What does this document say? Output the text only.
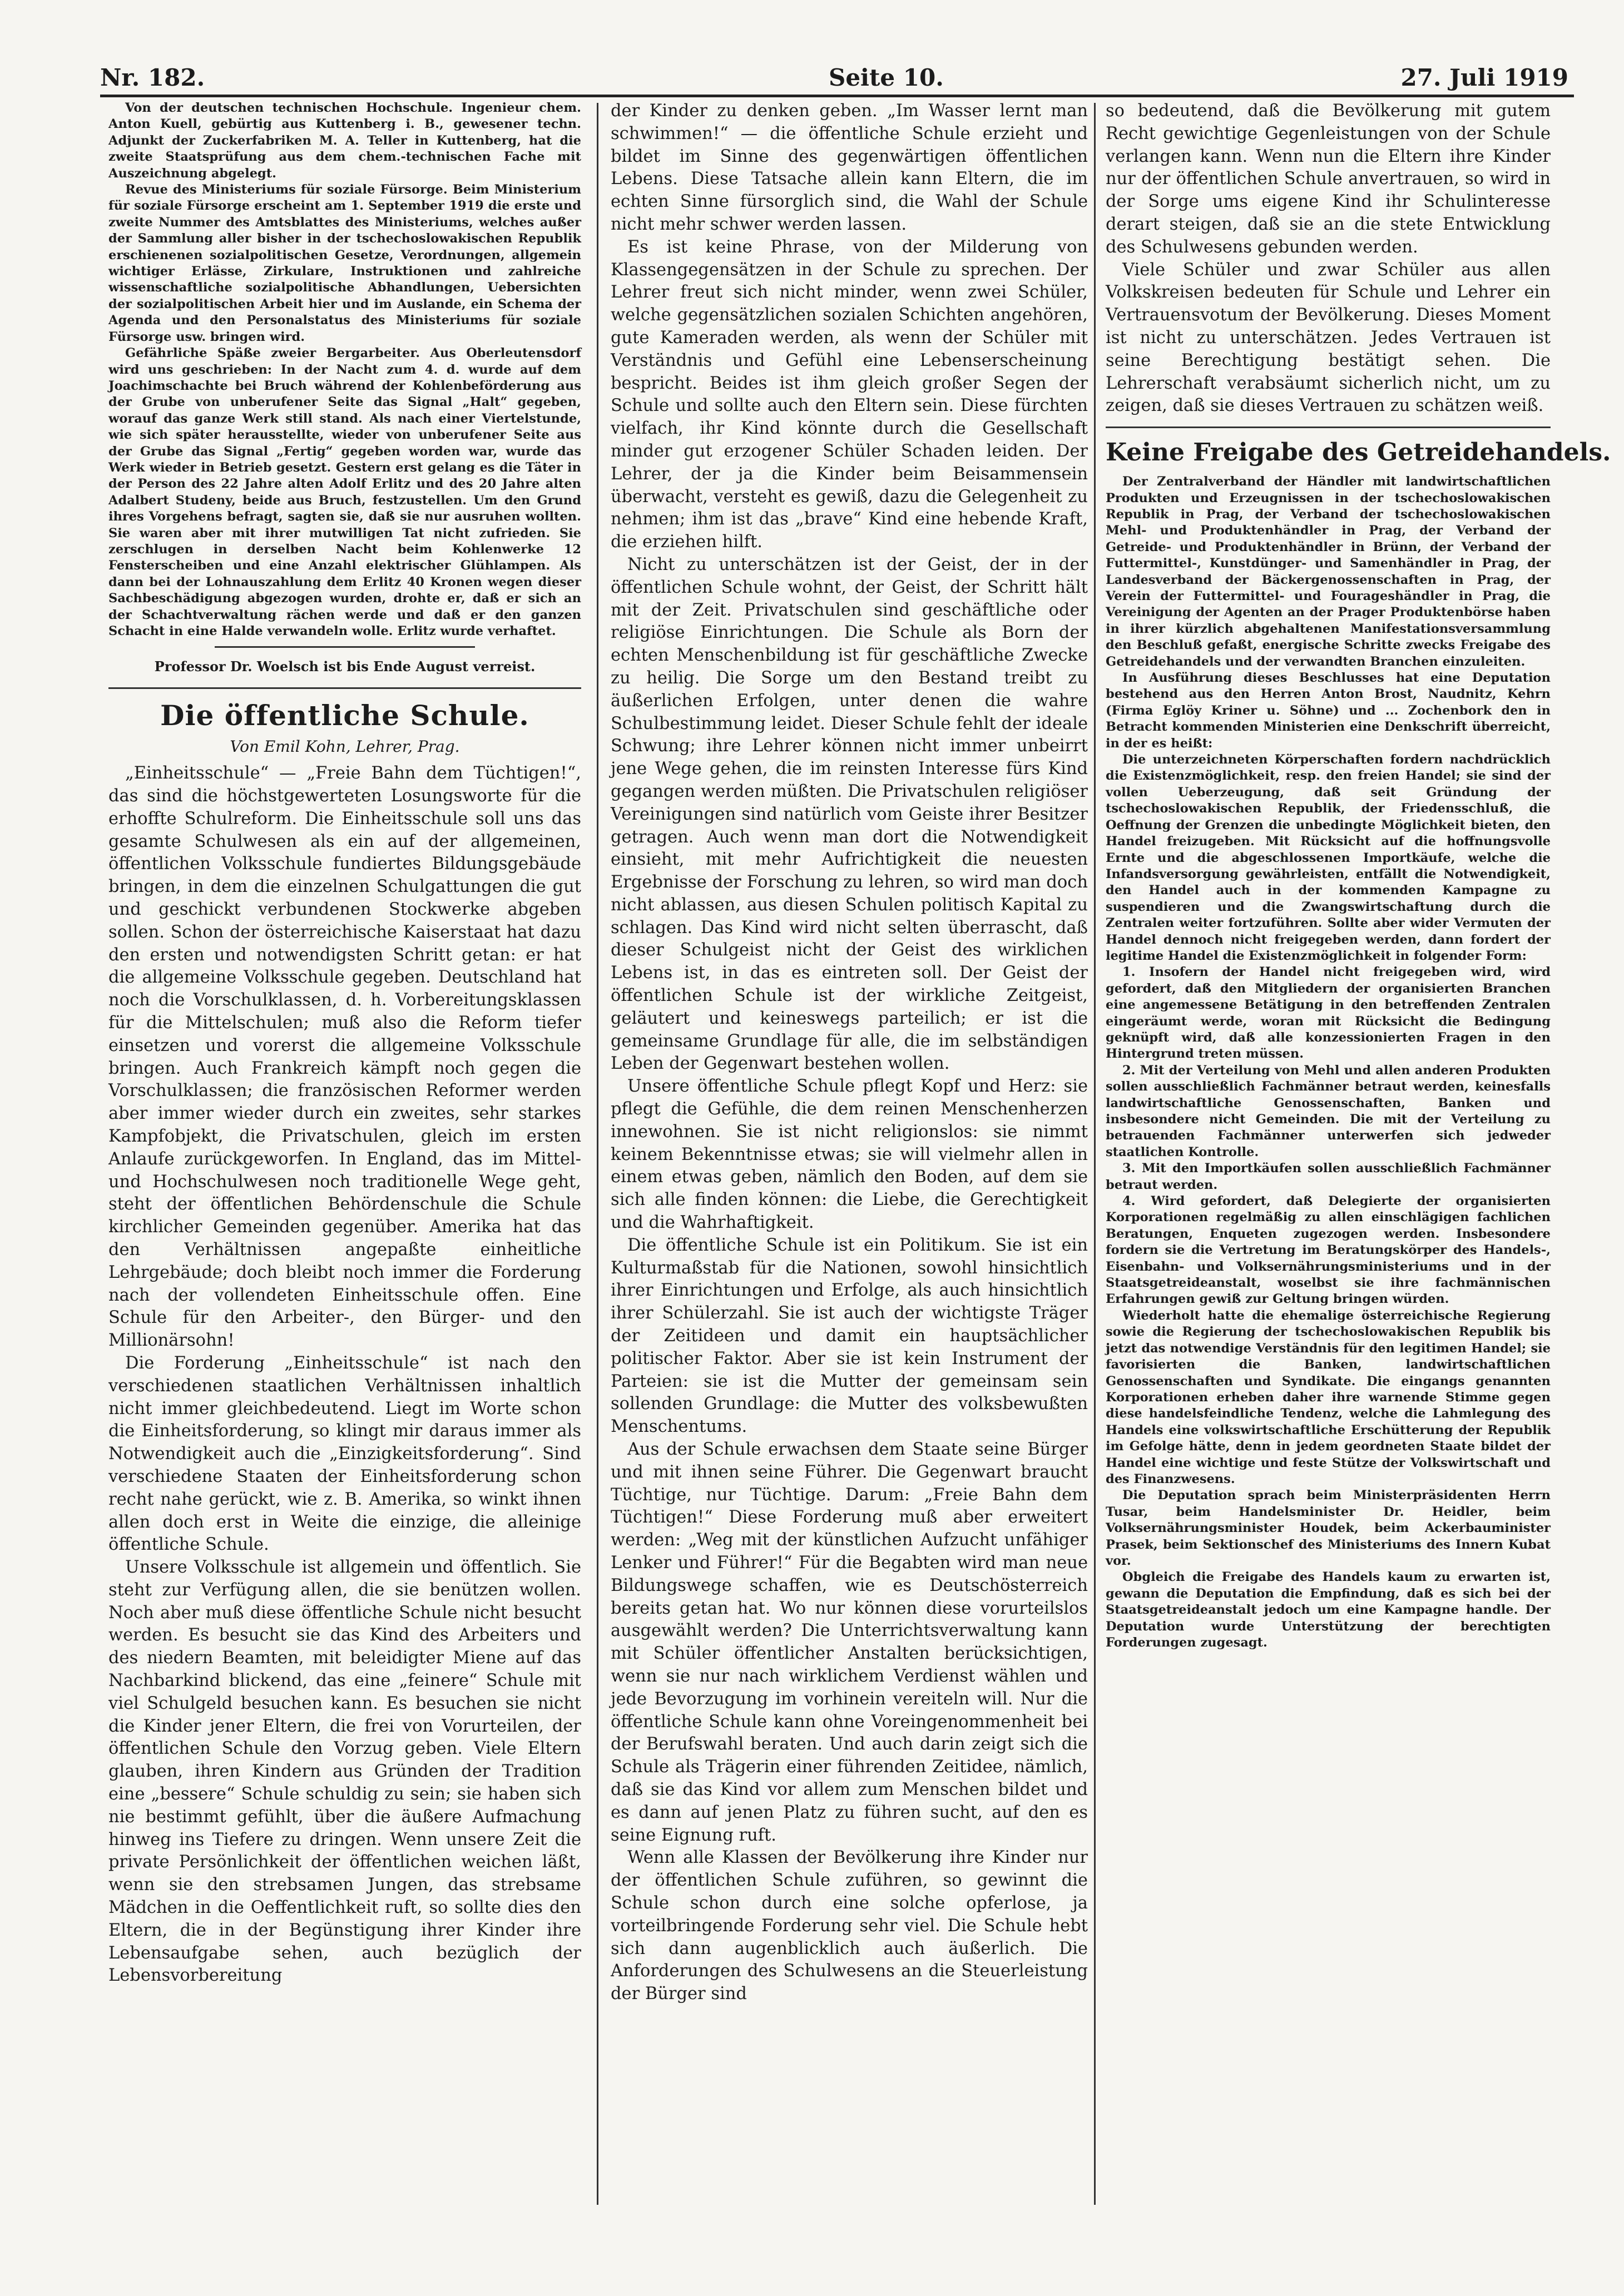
Nr. 182.	Seite 10.	27. Juli 1919

Von der deutschen technischen Hochschule. Ingenieur chem. Anton Kuell, gebürtig aus Kuttenberg i. B., gewesener techn. Adjunkt der Zuckerfabriken M. A. Teller in Kuttenberg, hat die zweite Staatsprüfung aus dem chem.-technischen Fache mit Auszeichnung abgelegt.

Revue des Ministeriums für soziale Fürsorge. Beim Ministerium für soziale Fürsorge erscheint am 1. September 1919 die erste und zweite Nummer des Amtsblattes des Ministeriums, welches außer der Sammlung aller bisher in der tschechoslowakischen Republik erschienenen sozialpolitischen Gesetze, Verordnungen, allgemein wichtiger Erlässe, Zirkulare, Instruktionen und zahlreiche wissenschaftliche sozialpolitische Abhandlungen, Uebersichten der sozialpolitischen Arbeit hier und im Auslande, ein Schema der Agenda und den Personalstatus des Ministeriums für soziale Fürsorge usw. bringen wird.

Gefährliche Späße zweier Bergarbeiter. Aus Oberleutensdorf wird uns geschrieben: In der Nacht zum 4. d. wurde auf dem Joachimschachte bei Bruch während der Kohlenbeförderung aus der Grube von unberufener Seite das Signal „Halt“ gegeben, worauf das ganze Werk still stand. Als nach einer Viertelstunde, wie sich später herausstellte, wieder von unberufener Seite aus der Grube das Signal „Fertig“ gegeben worden war, wurde das Werk wieder in Betrieb gesetzt. Gestern erst gelang es die Täter in der Person des 22 Jahre alten Adolf Erlitz und des 20 Jahre alten Adalbert Studeny, beide aus Bruch, festzustellen. Um den Grund ihres Vorgehens befragt, sagten sie, daß sie nur ausruhen wollten. Sie waren aber mit ihrer mutwilligen Tat nicht zufrieden. Sie zerschlugen in derselben Nacht beim Kohlenwerke 12 Fensterscheiben und eine Anzahl elektrischer Glühlampen. Als dann bei der Lohnauszahlung dem Erlitz 40 Kronen wegen dieser Sachbeschädigung abgezogen wurden, drohte er, daß er sich an der Schachtverwaltung rächen werde und daß er den ganzen Schacht in eine Halde verwandeln wolle. Erlitz wurde verhaftet.

Professor Dr. Woelsch ist bis Ende August verreist.

Die öffentliche Schule.
Von Emil Kohn, Lehrer, Prag.

„Einheitsschule“ — „Freie Bahn dem Tüchtigen!“, das sind die höchstgewerteten Losungsworte für die erhoffte Schulreform. Die Einheitsschule soll uns das gesamte Schulwesen als ein auf der allgemeinen, öffentlichen Volksschule fundiertes Bildungsgebäude bringen, in dem die einzelnen Schulgattungen die gut und geschickt verbundenen Stockwerke abgeben sollen. Schon der österreichische Kaiserstaat hat dazu den ersten und notwendigsten Schritt getan: er hat die allgemeine Volksschule gegeben. Deutschland hat noch die Vorschulklassen, d. h. Vorbereitungsklassen für die Mittelschulen; muß also die Reform tiefer einsetzen und vorerst die allgemeine Volksschule bringen. Auch Frankreich kämpft noch gegen die Vorschulklassen; die französischen Reformer werden aber immer wieder durch ein zweites, sehr starkes Kampfobjekt, die Privatschulen, gleich im ersten Anlaufe zurückgeworfen. In England, das im Mittel- und Hochschulwesen noch traditionelle Wege geht, steht der öffentlichen Behördenschule die Schule kirchlicher Gemeinden gegenüber. Amerika hat das den Verhältnissen angepaßte einheitliche Lehrgebäude; doch bleibt noch immer die Forderung nach der vollendeten Einheitsschule offen. Eine Schule für den Arbeiter-, den Bürger- und den Millionärsohn!

Die Forderung „Einheitsschule“ ist nach den verschiedenen staatlichen Verhältnissen inhaltlich nicht immer gleichbedeutend. Liegt im Worte schon die Einheitsforderung, so klingt mir daraus immer als Notwendigkeit auch die „Einzigkeitsforderung“. Sind verschiedene Staaten der Einheitsforderung schon recht nahe gerückt, wie z. B. Amerika, so winkt ihnen allen doch erst in Weite die einzige, die alleinige öffentliche Schule.

Unsere Volksschule ist allgemein und öffentlich. Sie steht zur Verfügung allen, die sie benützen wollen. Noch aber muß diese öffentliche Schule nicht besucht werden. Es besucht sie das Kind des Arbeiters und des niedern Beamten, mit beleidigter Miene auf das Nachbarkind blickend, das eine „feinere“ Schule mit viel Schulgeld besuchen kann. Es besuchen sie nicht die Kinder jener Eltern, die frei von Vorurteilen, der öffentlichen Schule den Vorzug geben. Viele Eltern glauben, ihren Kindern aus Gründen der Tradition eine „bessere“ Schule schuldig zu sein; sie haben sich nie bestimmt gefühlt, über die äußere Aufmachung hinweg ins Tiefere zu dringen. Wenn unsere Zeit die private Persönlichkeit der öffentlichen weichen läßt, wenn sie den strebsamen Jungen, das strebsame Mädchen in die Oeffentlichkeit ruft, so sollte dies den Eltern, die in der Begünstigung ihrer Kinder ihre Lebensaufgabe sehen, auch bezüglich der Lebensvorbereitung

der Kinder zu denken geben. „Im Wasser lernt man schwimmen!“ — die öffentliche Schule erzieht und bildet im Sinne des gegenwärtigen öffentlichen Lebens. Diese Tatsache allein kann Eltern, die im echten Sinne fürsorglich sind, die Wahl der Schule nicht mehr schwer werden lassen.

Es ist keine Phrase, von der Milderung von Klassengegensätzen in der Schule zu sprechen. Der Lehrer freut sich nicht minder, wenn zwei Schüler, welche gegensätzlichen sozialen Schichten angehören, gute Kameraden werden, als wenn der Schüler mit Verständnis und Gefühl eine Lebenserscheinung bespricht. Beides ist ihm gleich großer Segen der Schule und sollte auch den Eltern sein. Diese fürchten vielfach, ihr Kind könnte durch die Gesellschaft minder gut erzogener Schüler Schaden leiden. Der Lehrer, der ja die Kinder beim Beisammensein überwacht, versteht es gewiß, dazu die Gelegenheit zu nehmen; ihm ist das „brave“ Kind eine hebende Kraft, die erziehen hilft.

Nicht zu unterschätzen ist der Geist, der in der öffentlichen Schule wohnt, der Geist, der Schritt hält mit der Zeit. Privatschulen sind geschäftliche oder religiöse Einrichtungen. Die Schule als Born der echten Menschenbildung ist für geschäftliche Zwecke zu heilig. Die Sorge um den Bestand treibt zu äußerlichen Erfolgen, unter denen die wahre Schulbestimmung leidet. Dieser Schule fehlt der ideale Schwung; ihre Lehrer können nicht immer unbeirrt jene Wege gehen, die im reinsten Interesse fürs Kind gegangen werden müßten. Die Privatschulen religiöser Vereinigungen sind natürlich vom Geiste ihrer Besitzer getragen. Auch wenn man dort die Notwendigkeit einsieht, mit mehr Aufrichtigkeit die neuesten Ergebnisse der Forschung zu lehren, so wird man doch nicht ablassen, aus diesen Schulen politisch Kapital zu schlagen. Das Kind wird nicht selten überrascht, daß dieser Schulgeist nicht der Geist des wirklichen Lebens ist, in das es eintreten soll. Der Geist der öffentlichen Schule ist der wirkliche Zeitgeist, geläutert und keineswegs parteilich; er ist die gemeinsame Grundlage für alle, die im selbständigen Leben der Gegenwart bestehen wollen.

Unsere öffentliche Schule pflegt Kopf und Herz: sie pflegt die Gefühle, die dem reinen Menschenherzen innewohnen. Sie ist nicht religionslos: sie nimmt keinem Bekenntnisse etwas; sie will vielmehr allen in einem etwas geben, nämlich den Boden, auf dem sie sich alle finden können: die Liebe, die Gerechtigkeit und die Wahrhaftigkeit.

Die öffentliche Schule ist ein Politikum. Sie ist ein Kulturmaßstab für die Nationen, sowohl hinsichtlich ihrer Einrichtungen und Erfolge, als auch hinsichtlich ihrer Schülerzahl. Sie ist auch der wichtigste Träger der Zeitideen und damit ein hauptsächlicher politischer Faktor. Aber sie ist kein Instrument der Parteien: sie ist die Mutter der gemeinsam sein sollenden Grundlage: die Mutter des volksbewußten Menschentums.

Aus der Schule erwachsen dem Staate seine Bürger und mit ihnen seine Führer. Die Gegenwart braucht Tüchtige, nur Tüchtige. Darum: „Freie Bahn dem Tüchtigen!“ Diese Forderung muß aber erweitert werden: „Weg mit der künstlichen Aufzucht unfähiger Lenker und Führer!“ Für die Begabten wird man neue Bildungswege schaffen, wie es Deutschösterreich bereits getan hat. Wo nur können diese vorurteilslos ausgewählt werden? Die Unterrichtsverwaltung kann mit Schüler öffentlicher Anstalten berücksichtigen, wenn sie nur nach wirklichem Verdienst wählen und jede Bevorzugung im vorhinein vereiteln will. Nur die öffentliche Schule kann ohne Voreingenommenheit bei der Berufswahl beraten. Und auch darin zeigt sich die Schule als Trägerin einer führenden Zeitidee, nämlich, daß sie das Kind vor allem zum Menschen bildet und es dann auf jenen Platz zu führen sucht, auf den es seine Eignung ruft.

Wenn alle Klassen der Bevölkerung ihre Kinder nur der öffentlichen Schule zuführen, so gewinnt die Schule schon durch eine solche opferlose, ja vorteilbringende Forderung sehr viel. Die Schule hebt sich dann augenblicklich auch äußerlich. Die Anforderungen des Schulwesens an die Steuerleistung der Bürger sind

so bedeutend, daß die Bevölkerung mit gutem Recht gewichtige Gegenleistungen von der Schule verlangen kann. Wenn nun die Eltern ihre Kinder nur der öffentlichen Schule anvertrauen, so wird in der Sorge ums eigene Kind ihr Schulinteresse derart steigen, daß sie an die stete Entwicklung des Schulwesens gebunden werden.

Viele Schüler und zwar Schüler aus allen Volkskreisen bedeuten für Schule und Lehrer ein Vertrauensvotum der Bevölkerung. Dieses Moment ist nicht zu unterschätzen. Jedes Vertrauen ist seine Berechtigung bestätigt sehen. Die Lehrerschaft verabsäumt sicherlich nicht, um zu zeigen, daß sie dieses Vertrauen zu schätzen weiß.

Keine Freigabe des Getreidehandels.

Der Zentralverband der Händler mit landwirtschaftlichen Produkten und Erzeugnissen in der tschechoslowakischen Republik in Prag, der Verband der tschechoslowakischen Mehl- und Produktenhändler in Prag, der Verband der Getreide- und Produktenhändler in Brünn, der Verband der Futtermittel-, Kunstdünger- und Samenhändler in Prag, der Landesverband der Bäckergenossenschaften in Prag, der Verein der Futtermittel- und Fourageshändler in Prag, die Vereinigung der Agenten an der Prager Produktenbörse haben in ihrer kürzlich abgehaltenen Manifestationsversammlung den Beschluß gefaßt, energische Schritte zwecks Freigabe des Getreidehandels und der verwandten Branchen einzuleiten.

In Ausführung dieses Beschlusses hat eine Deputation bestehend aus den Herren Anton Brost, Naudnitz, Kehrn (Firma Eglöy Kriner u. Söhne) und ... Zochenbork den in Betracht kommenden Ministerien eine Denkschrift überreicht, in der es heißt:

Die unterzeichneten Körperschaften fordern nachdrücklich die Existenzmöglichkeit, resp. den freien Handel; sie sind der vollen Ueberzeugung, daß seit Gründung der tschechoslowakischen Republik, der Friedensschluß, die Oeffnung der Grenzen die unbedingte Möglichkeit bieten, den Handel freizugeben. Mit Rücksicht auf die hoffnungsvolle Ernte und die abgeschlossenen Importkäufe, welche die Infandsversorgung gewährleisten, entfällt die Notwendigkeit, den Handel auch in der kommenden Kampagne zu suspendieren und die Zwangswirtschaftung durch die Zentralen weiter fortzuführen. Sollte aber wider Vermuten der Handel dennoch nicht freigegeben werden, dann fordert der legitime Handel die Existenzmöglichkeit in folgender Form:

1. Insofern der Handel nicht freigegeben wird, wird gefordert, daß den Mitgliedern der organisierten Branchen eine angemessene Betätigung in den betreffenden Zentralen eingeräumt werde, woran mit Rücksicht die Bedingung geknüpft wird, daß alle konzessionierten Fragen in den Hintergrund treten müssen.

2. Mit der Verteilung von Mehl und allen anderen Produkten sollen ausschließlich Fachmänner betraut werden, keinesfalls landwirtschaftliche Genossenschaften, Banken und insbesondere nicht Gemeinden. Die mit der Verteilung zu betrauenden Fachmänner unterwerfen sich jedweder staatlichen Kontrolle.

3. Mit den Importkäufen sollen ausschließlich Fachmänner betraut werden.

4. Wird gefordert, daß Delegierte der organisierten Korporationen regelmäßig zu allen einschlägigen fachlichen Beratungen, Enqueten zugezogen werden. Insbesondere fordern sie die Vertretung im Beratungskörper des Handels-, Eisenbahn- und Volksernährungsministeriums und in der Staatsgetreideanstalt, woselbst sie ihre fachmännischen Erfahrungen gewiß zur Geltung bringen würden.

Wiederholt hatte die ehemalige österreichische Regierung sowie die Regierung der tschechoslowakischen Republik bis jetzt das notwendige Verständnis für den legitimen Handel; sie favorisierten die Banken, landwirtschaftlichen Genossenschaften und Syndikate. Die eingangs genannten Korporationen erheben daher ihre warnende Stimme gegen diese handelsfeindliche Tendenz, welche die Lahmlegung des Handels eine volkswirtschaftliche Erschütterung der Republik im Gefolge hätte, denn in jedem geordneten Staate bildet der Handel eine wichtige und feste Stütze der Volkswirtschaft und des Finanzwesens.

Die Deputation sprach beim Ministerpräsidenten Herrn Tusar, beim Handelsminister Dr. Heidler, beim Volksernährungsminister Houdek, beim Ackerbauminister Prasek, beim Sektionschef des Ministeriums des Innern Kubat vor.

Obgleich die Freigabe des Handels kaum zu erwarten ist, gewann die Deputation die Empfindung, daß es sich bei der Staatsgetreideanstalt jedoch um eine Kampagne handle. Der Deputation wurde Unterstützung der berechtigten Forderungen zugesagt.
